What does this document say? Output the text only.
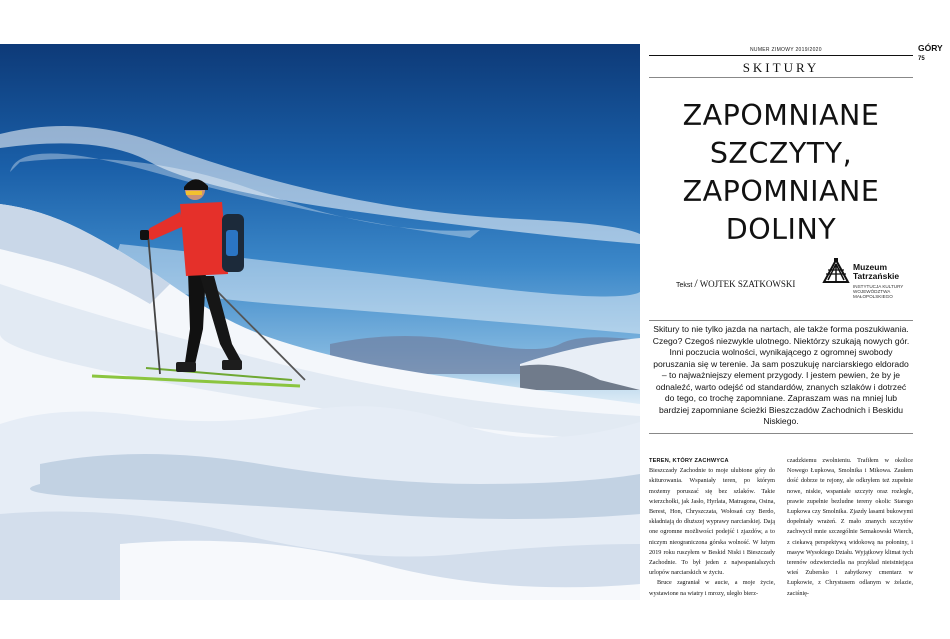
NUMER ZIMOWY 2019/2020	GÓRY
75
SKITURY
ZAPOMNIANE
SZCZYTY,
ZAPOMNIANE
DOLINY
Tekst / WOJTEK SZATKOWSKI
Muzeum
Tatrzańskie
INSTYTUCJA KULTURY
WOJEWÓDZTWA
MAŁOPOLSKIEGO
Skitury to nie tylko jazda na nartach, ale także forma poszukiwania. Czego? Czegoś niezwykle ulotnego. Niektórzy szukają nowych gór. Inni poczucia wolności, wynikającego z ogromnej swobody poruszania się w terenie. Ja sam poszukuję narciarskiego eldorado – to najważniejszy element przygody. I jestem pewien, że by je odnaleźć, warto odejść od standardów, znanych szlaków i dotrzeć do tego, co trochę zapomniane. Zapraszam was na mniej lub bardziej zapomniane ścieżki Bieszczadów Zachodnich i Beskidu Niskiego.
TEREN, KTÓRY ZACHWYCA

Bieszczady Zachodnie to moje ulubione góry do skiturowania. Wspaniały teren, po którym możemy poruszać się bez szlaków. Takie wierzchołki, jak Jasło, Hyrlata, Matragona, Osina, Berest, Hon, Chryszczata, Wołosań czy Berdo, składniają do dłuższej wyprawy narciarskiej. Dają one ogromne możliwości podejść i zjazdów, a to niczym nieograniczona górska wolność. W lutym 2019 roku ruszyłem w Beskid Niski i Bieszczady Zachodnie. To był jeden z najwspanialszych urlopów narciarskich w życiu.

Bruce zagraniał w aucie, a moje życie, wystawione na wiatry i mrozy, uległo bierz-

czadzkiemu zwolnieniu. Trafiłem w okolice Nowego Łupkowa, Smolnika i Mikowa. Zaułem dość dobrze te rejony, ale odkryłem też zupełnie nowe, niskie, wspaniałe szczyty oraz rozległe, prawie zupełnie bezludne tereny okolic Starego Łupkowa czy Smolnika. Zjazdy lasami bukowymi dopełniały wrażeń. Z mało znanych szczytów zachwycił mnie szczególnie Semakowski Wierch, z ciekawą perspektywą widokową na połoniny, i masyw Wysokiego Działu. Wyjątkowy klimat tych terenów odzwierciedla na przykład nieistniejąca wieś Zubersko i zabytkowy cmentarz w Łupkowie, z Chrystusem odlanym w żelazie, zaciśnię-
